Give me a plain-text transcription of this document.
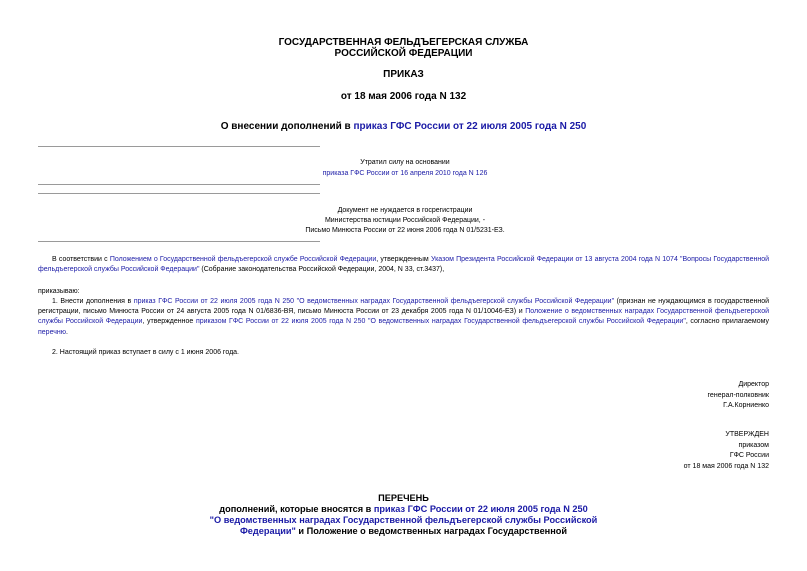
ГОСУДАРСТВЕННАЯ ФЕЛЬДЪЕГЕРСКАЯ СЛУЖБА
РОССИЙСКОЙ ФЕДЕРАЦИИ
ПРИКАЗ
от 18 мая 2006 года N 132
О внесении дополнений в приказ ГФС России от 22 июля 2005 года N 250
Утратил силу на основании
приказа ГФС России от 16 апреля 2010 года N 126
Документ не нуждается в госрегистрации
Министерства юстиции Российской Федерации, -
Письмо Минюста России от 22 июня 2006 года N 01/5231-ЕЗ.
В соответствии с Положением о Государственной фельдъегерской службе Российской Федерации, утвержденным Указом Президента Российской Федерации от 13 августа 2004 года N 1074 "Вопросы Государственной фельдъегерской службы Российской Федерации" (Собрание законодательства Российской Федерации, 2004, N 33, ст.3437),
приказываю:
1. Внести дополнения в приказ ГФС России от 22 июля 2005 года N 250 "О ведомственных наградах Государственной фельдъегерской службы Российской Федерации" (признан не нуждающимся в государственной регистрации, письмо Минюста России от 24 августа 2005 года N 01/6836-ВЯ, письмо Минюста России от 23 декабря 2005 года N 01/10046-ЕЗ) и Положение о ведомственных наградах Государственной фельдъегерской службы Российской Федерации, утвержденное приказом ГФС России от 22 июля 2005 года N 250 "О ведомственных наградах Государственной фельдъегерской службы Российской Федерации", согласно прилагаемому перечню.
2. Настоящий приказ вступает в силу с 1 июня 2006 года.
Директор
генерал-полковник
Г.А.Корниенко
УТВЕРЖДЕН
приказом
ГФС России
от 18 мая 2006 года N 132
ПЕРЕЧЕНЬ
дополнений, которые вносятся в приказ ГФС России от 22 июля 2005 года N 250
"О ведомственных наградах Государственной фельдъегерской службы Российской
Федерации" и Положение о ведомственных наградах Государственной
